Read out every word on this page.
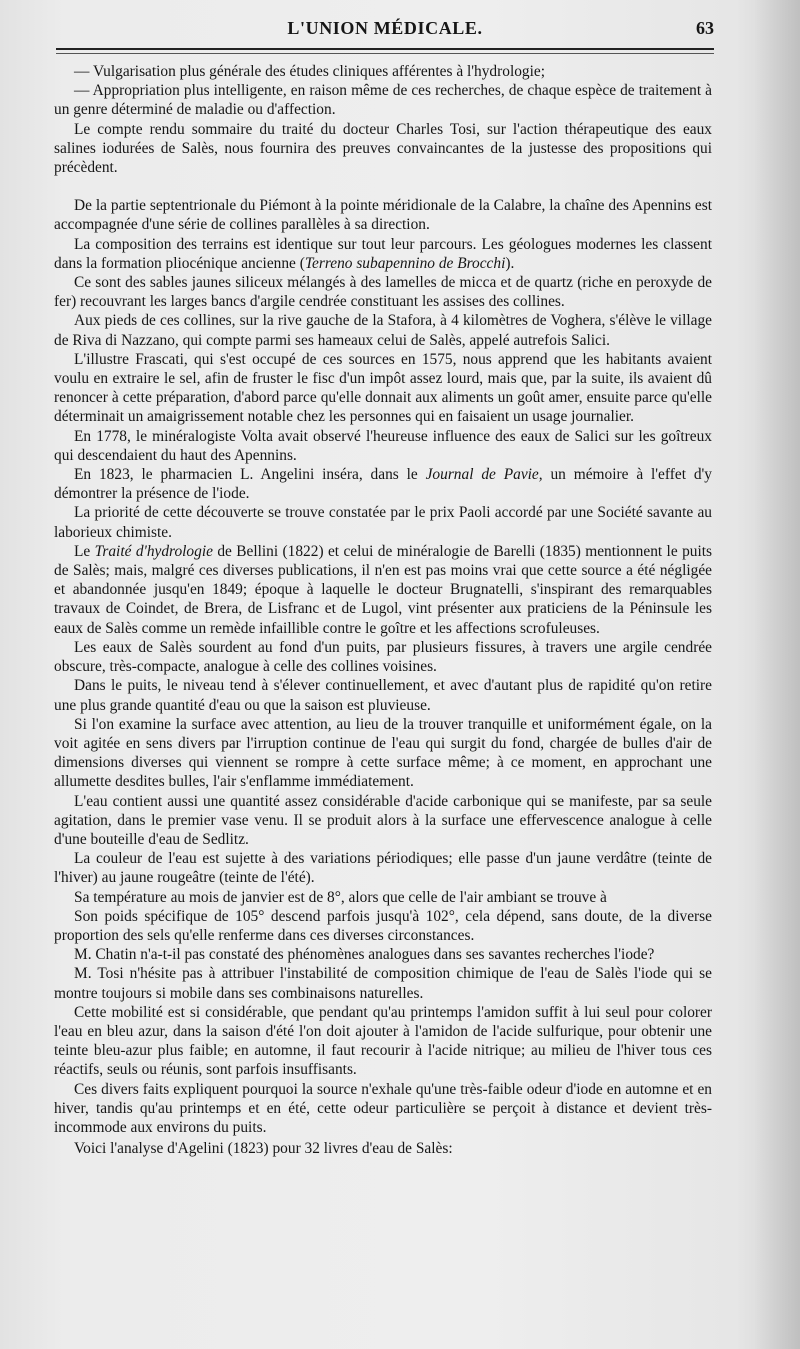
L'UNION MÉDICALE.	63

— Vulgarisation plus générale des études cliniques afférentes à l'hydrologie;

— Appropriation plus intelligente, en raison même de ces recherches, de chaque espèce de traitement à un genre déterminé de maladie ou d'affection.

Le compte rendu sommaire du traité du docteur Charles Tosi, sur l'action thérapeutique des eaux salines iodurées de Salès, nous fournira des preuves convaincantes de la justesse des propositions qui précèdent.

De la partie septentrionale du Piémont à la pointe méridionale de la Calabre, la chaîne des Apennins est accompagnée d'une série de collines parallèles à sa direction.

La composition des terrains est identique sur tout leur parcours. Les géologues modernes les classent dans la formation pliocénique ancienne (Terreno subapennino de Brocchi).

Ce sont des sables jaunes siliceux mélangés à des lamelles de micca et de quartz (riche en peroxyde de fer) recouvrant les larges bancs d'argile cendrée constituant les assises des collines.

Aux pieds de ces collines, sur la rive gauche de la Stafora, à 4 kilomètres de Voghera, s'élève le village de Riva di Nazzano, qui compte parmi ses hameaux celui de Salès, appelé autrefois Salici.

L'illustre Frascati, qui s'est occupé de ces sources en 1575, nous apprend que les habitants avaient voulu en extraire le sel, afin de fruster le fisc d'un impôt assez lourd, mais que, par la suite, ils avaient dû renoncer à cette préparation, d'abord parce qu'elle donnait aux aliments un goût amer, ensuite parce qu'elle déterminait un amaigrissement notable chez les personnes qui en faisaient un usage journalier.

En 1778, le minéralogiste Volta avait observé l'heureuse influence des eaux de Salici sur les goîtreux qui descendaient du haut des Apennins.

En 1823, le pharmacien L. Angelini inséra, dans le Journal de Pavie, un mémoire à l'effet d'y démontrer la présence de l'iode.

La priorité de cette découverte se trouve constatée par le prix Paoli accordé par une Société savante au laborieux chimiste.

Le Traité d'hydrologie de Bellini (1822) et celui de minéralogie de Barelli (1835) mentionnent le puits de Salès; mais, malgré ces diverses publications, il n'en est pas moins vrai que cette source a été négligée et abandonnée jusqu'en 1849; époque à laquelle le docteur Brugnatelli, s'inspirant des remarquables travaux de Coindet, de Brera, de Lisfranc et de Lugol, vint présenter aux praticiens de la Péninsule les eaux de Salès comme un remède infaillible contre le goître et les affections scrofuleuses.

Les eaux de Salès sourdent au fond d'un puits, par plusieurs fissures, à travers une argile cendrée obscure, très-compacte, analogue à celle des collines voisines.

Dans le puits, le niveau tend à s'élever continuellement, et avec d'autant plus de rapidité qu'on retire une plus grande quantité d'eau ou que la saison est pluvieuse.

Si l'on examine la surface avec attention, au lieu de la trouver tranquille et uniformément égale, on la voit agitée en sens divers par l'irruption continue de l'eau qui surgit du fond, chargée de bulles d'air de dimensions diverses qui viennent se rompre à cette surface même; à ce moment, en approchant une allumette desdites bulles, l'air s'enflamme immédiatement.

L'eau contient aussi une quantité assez considérable d'acide carbonique qui se manifeste, par sa seule agitation, dans le premier vase venu. Il se produit alors à la surface une effervescence analogue à celle d'une bouteille d'eau de Sedlitz.

La couleur de l'eau est sujette à des variations périodiques; elle passe d'un jaune verdâtre (teinte de l'hiver) au jaune rougeâtre (teinte de l'été).

Sa température au mois de janvier est de 8°, alors que celle de l'air ambiant se trouve à

Son poids spécifique de 105° descend parfois jusqu'à 102°, cela dépend, sans doute, de la diverse proportion des sels qu'elle renferme dans ces diverses circonstances.

M. Chatin n'a-t-il pas constaté des phénomènes analogues dans ses savantes recherches l'iode?

M. Tosi n'hésite pas à attribuer l'instabilité de composition chimique de l'eau de Salès l'iode qui se montre toujours si mobile dans ses combinaisons naturelles.

Cette mobilité est si considérable, que pendant qu'au printemps l'amidon suffit à lui seul pour colorer l'eau en bleu azur, dans la saison d'été l'on doit ajouter à l'amidon de l'acide sulfurique, pour obtenir une teinte bleu-azur plus faible; en automne, il faut recourir à l'acide nitrique; au milieu de l'hiver tous ces réactifs, seuls ou réunis, sont parfois insuffisants.

Ces divers faits expliquent pourquoi la source n'exhale qu'une très-faible odeur d'iode en automne et en hiver, tandis qu'au printemps et en été, cette odeur particulière se perçoit à distance et devient très-incommode aux environs du puits.

Voici l'analyse d'Agelini (1823) pour 32 livres d'eau de Salès:
